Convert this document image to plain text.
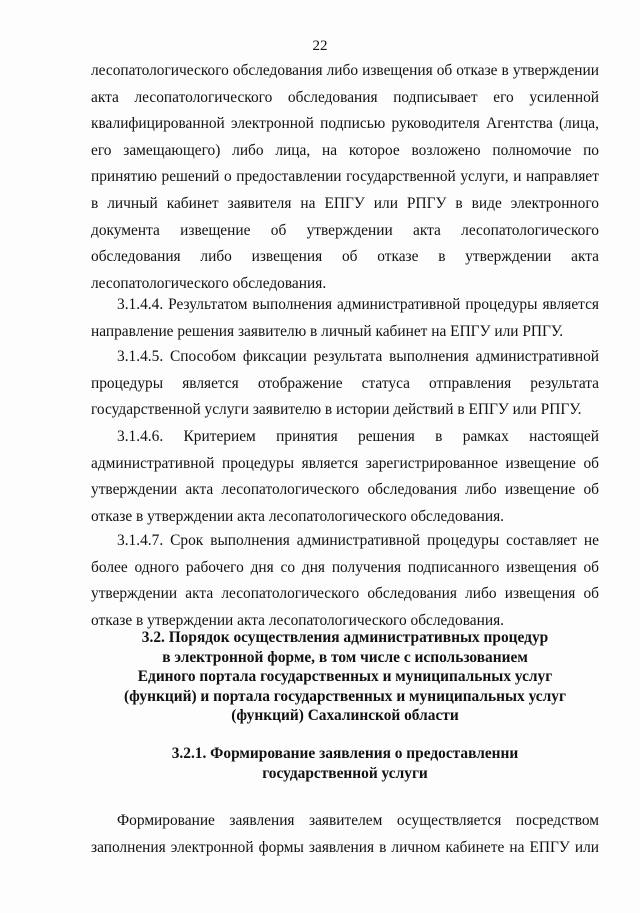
22
лесопатологического обследования либо извещения об отказе в утверждении
акта лесопатологического обследования подписывает его усиленной
квалифицированной электронной подписью руководителя Агентства (лица,
его замещающего) либо лица, на которое возложено полномочие по
принятию решений о предоставлении государственной услуги, и направляет
в личный кабинет заявителя на ЕПГУ или РПГУ в виде электронного
документа извещение об утверждении акта лесопатологического
обследования либо извещения об отказе в утверждении акта
лесопатологического обследования.
3.1.4.4. Результатом выполнения административной процедуры является
направление решения заявителю в личный кабинет на ЕПГУ или РПГУ.
3.1.4.5. Способом фиксации результата выполнения административной
процедуры является отображение статуса отправления результата
государственной услуги заявителю в истории действий в ЕПГУ или РПГУ.
3.1.4.6. Критерием принятия решения в рамках настоящей
административной процедуры является зарегистрированное извещение об
утверждении акта лесопатологического обследования либо извещение об
отказе в утверждении акта лесопатологического обследования.
3.1.4.7. Срок выполнения административной процедуры составляет не
более одного рабочего дня со дня получения подписанного извещения об
утверждении акта лесопатологического обследования либо извещения об
отказе в утверждении акта лесопатологического обследования.
3.2. Порядок осуществления административных процедур
в электронной форме, в том числе с использованием
Единого портала государственных и муниципальных услуг
(функций) и портала государственных и муниципальных услуг
(функций) Сахалинской области
3.2.1. Формирование заявления о предоставленни
государственной услуги
Формирование заявления заявителем осуществляется посредством
заполнения электронной формы заявления в личном кабинете на ЕПГУ или
